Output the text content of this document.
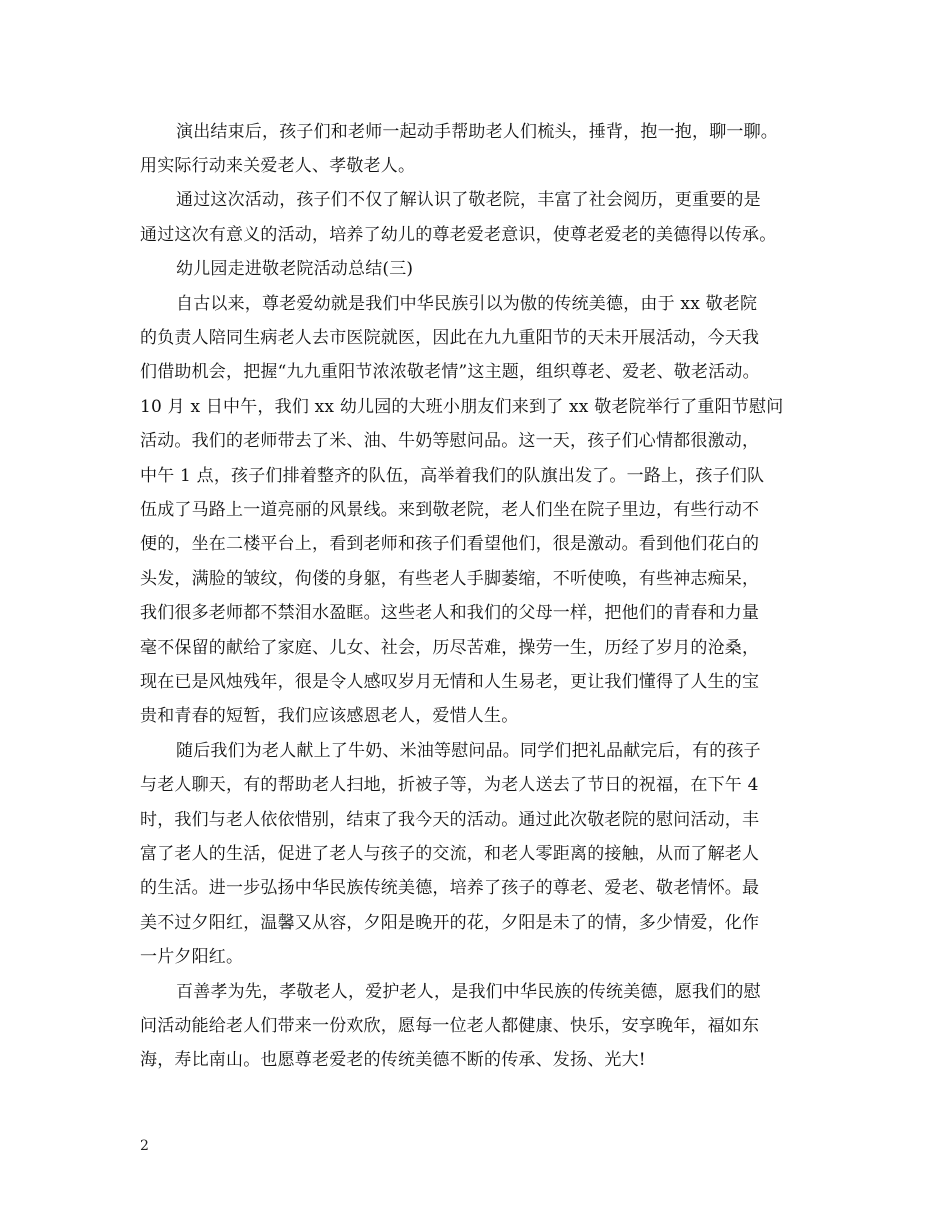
演出结束后，孩子们和老师一起动手帮助老人们梳头，捶背，抱一抱，聊一聊。
用实际行动来关爱老人、孝敬老人。
通过这次活动，孩子们不仅了解认识了敬老院，丰富了社会阅历，更重要的是
通过这次有意义的活动，培养了幼儿的尊老爱老意识，使尊老爱老的美德得以传承。
幼儿园走进敬老院活动总结(三)
自古以来，尊老爱幼就是我们中华民族引以为傲的传统美德，由于 xx 敬老院
的负责人陪同生病老人去市医院就医，因此在九九重阳节的天未开展活动，今天我
们借助机会，把握“九九重阳节浓浓敬老情”这主题，组织尊老、爱老、敬老活动。
10 月 x 日中午，我们 xx 幼儿园的大班小朋友们来到了 xx 敬老院举行了重阳节慰问
活动。我们的老师带去了米、油、牛奶等慰问品。这一天，孩子们心情都很激动，
中午 1 点，孩子们排着整齐的队伍，高举着我们的队旗出发了。一路上，孩子们队
伍成了马路上一道亮丽的风景线。来到敬老院，老人们坐在院子里边，有些行动不
便的，坐在二楼平台上，看到老师和孩子们看望他们，很是激动。看到他们花白的
头发，满脸的皱纹，佝偻的身躯，有些老人手脚萎缩，不听使唤，有些神志痴呆，
我们很多老师都不禁泪水盈眶。这些老人和我们的父母一样，把他们的青春和力量
毫不保留的献给了家庭、儿女、社会，历尽苦难，操劳一生，历经了岁月的沧桑，
现在已是风烛残年，很是令人感叹岁月无情和人生易老，更让我们懂得了人生的宝
贵和青春的短暂，我们应该感恩老人，爱惜人生。
随后我们为老人献上了牛奶、米油等慰问品。同学们把礼品献完后，有的孩子
与老人聊天，有的帮助老人扫地，折被子等，为老人送去了节日的祝福，在下午 4
时，我们与老人依依惜别，结束了我今天的活动。通过此次敬老院的慰问活动，丰
富了老人的生活，促进了老人与孩子的交流，和老人零距离的接触，从而了解老人
的生活。进一步弘扬中华民族传统美德，培养了孩子的尊老、爱老、敬老情怀。最
美不过夕阳红，温馨又从容，夕阳是晚开的花，夕阳是未了的情，多少情爱，化作
一片夕阳红。
百善孝为先，孝敬老人，爱护老人，是我们中华民族的传统美德，愿我们的慰
问活动能给老人们带来一份欢欣，愿每一位老人都健康、快乐，安享晚年，福如东
海，寿比南山。也愿尊老爱老的传统美德不断的传承、发扬、光大!
2
